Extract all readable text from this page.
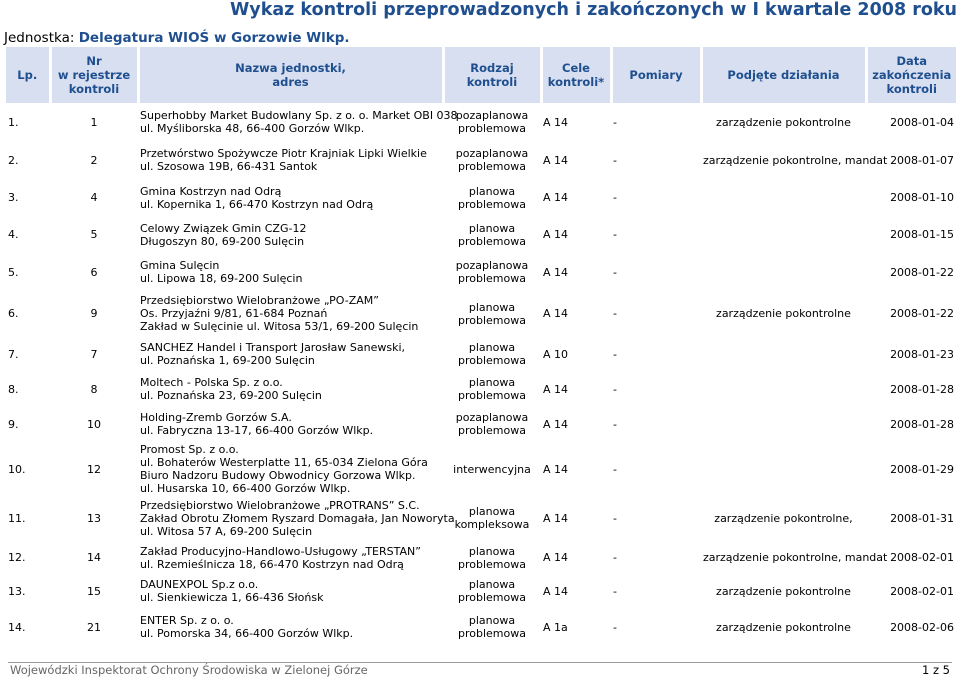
Jednostka: Delegatura WIOŚ w Gorzowie Wlkp.
Wykaz kontroli przeprowadzonych i zakończonych w I kwartale 2008 roku
Lp.	Nr
w rejestrze
kontroli	Nazwa jednostki,
adres	Rodzaj
kontroli	Cele
kontroli*	Pomiary	Podjęte działania	Data
zakończenia
kontroli
1.	1	Superhobby Market Budowlany Sp. z o. o. Market OBI 038
ul. Myśliborska 48, 66-400 Gorzów Wlkp.	pozaplanowa
problemowa	A 14	-	zarządzenie pokontrolne	2008-01-04
2.	2	Przetwórstwo Spożywcze Piotr Krajniak Lipki Wielkie
ul. Szosowa 19B, 66-431 Santok	pozaplanowa
problemowa	A 14	-	zarządzenie pokontrolne, mandat	2008-01-07
3.	4	Gmina Kostrzyn nad Odrą
ul. Kopernika 1, 66-470 Kostrzyn nad Odrą	planowa
problemowa	A 14	-		2008-01-10
4.	5	Celowy Związek Gmin CZG-12
Długoszyn 80, 69-200 Sulęcin	planowa
problemowa	A 14	-		2008-01-15
5.	6	Gmina Sulęcin
ul. Lipowa 18, 69-200 Sulęcin	pozaplanowa
problemowa	A 14	-		2008-01-22
6.	9	Przedsiębiorstwo Wielobranżowe „PO-ZAM”
Os. Przyjaźni 9/81, 61-684 Poznań
Zakład w Sulęcinie ul. Witosa 53/1, 69-200 Sulęcin	planowa
problemowa	A 14	-	zarządzenie pokontrolne	2008-01-22
7.	7	SANCHEZ Handel i Transport Jarosław Sanewski,
ul. Poznańska 1, 69-200 Sulęcin	planowa
problemowa	A 10	-		2008-01-23
8.	8	Moltech - Polska Sp. z o.o.
ul. Poznańska 23, 69-200 Sulęcin	planowa
problemowa	A 14	-		2008-01-28
9.	10	Holding-Zremb Gorzów S.A.
ul. Fabryczna 13-17, 66-400 Gorzów Wlkp.	pozaplanowa
problemowa	A 14	-		2008-01-28
10.	12	Promost Sp. z o.o.
ul. Bohaterów Westerplatte 11, 65-034 Zielona Góra
Biuro Nadzoru Budowy Obwodnicy Gorzowa Wlkp.
ul. Husarska 10, 66-400 Gorzów Wlkp.	interwencyjna	A 14	-		2008-01-29
11.	13	Przedsiębiorstwo Wielobranżowe „PROTRANS” S.C.
Zakład Obrotu Złomem Ryszard Domagała, Jan Noworyta
ul. Witosa 57 A, 69-200 Sulęcin	planowa
kompleksowa	A 14	-	zarządzenie pokontrolne,	2008-01-31
12.	14	Zakład Producyjno-Handlowo-Usługowy „TERSTAN”
ul. Rzemieślnicza 18, 66-470 Kostrzyn nad Odrą	planowa
problemowa	A 14	-	zarządzenie pokontrolne, mandat	2008-02-01
13.	15	DAUNEXPOL Sp.z o.o.
ul. Sienkiewicza 1, 66-436 Słońsk	planowa
problemowa	A 14	-	zarządzenie pokontrolne	2008-02-01
14.	21	ENTER Sp. z o. o.
ul. Pomorska 34, 66-400 Gorzów Wlkp.	planowa
problemowa	A 1a	-	zarządzenie pokontrolne	2008-02-06
Wojewódzki Inspektorat Ochrony Środowiska w Zielonej Górze	1 z 5
